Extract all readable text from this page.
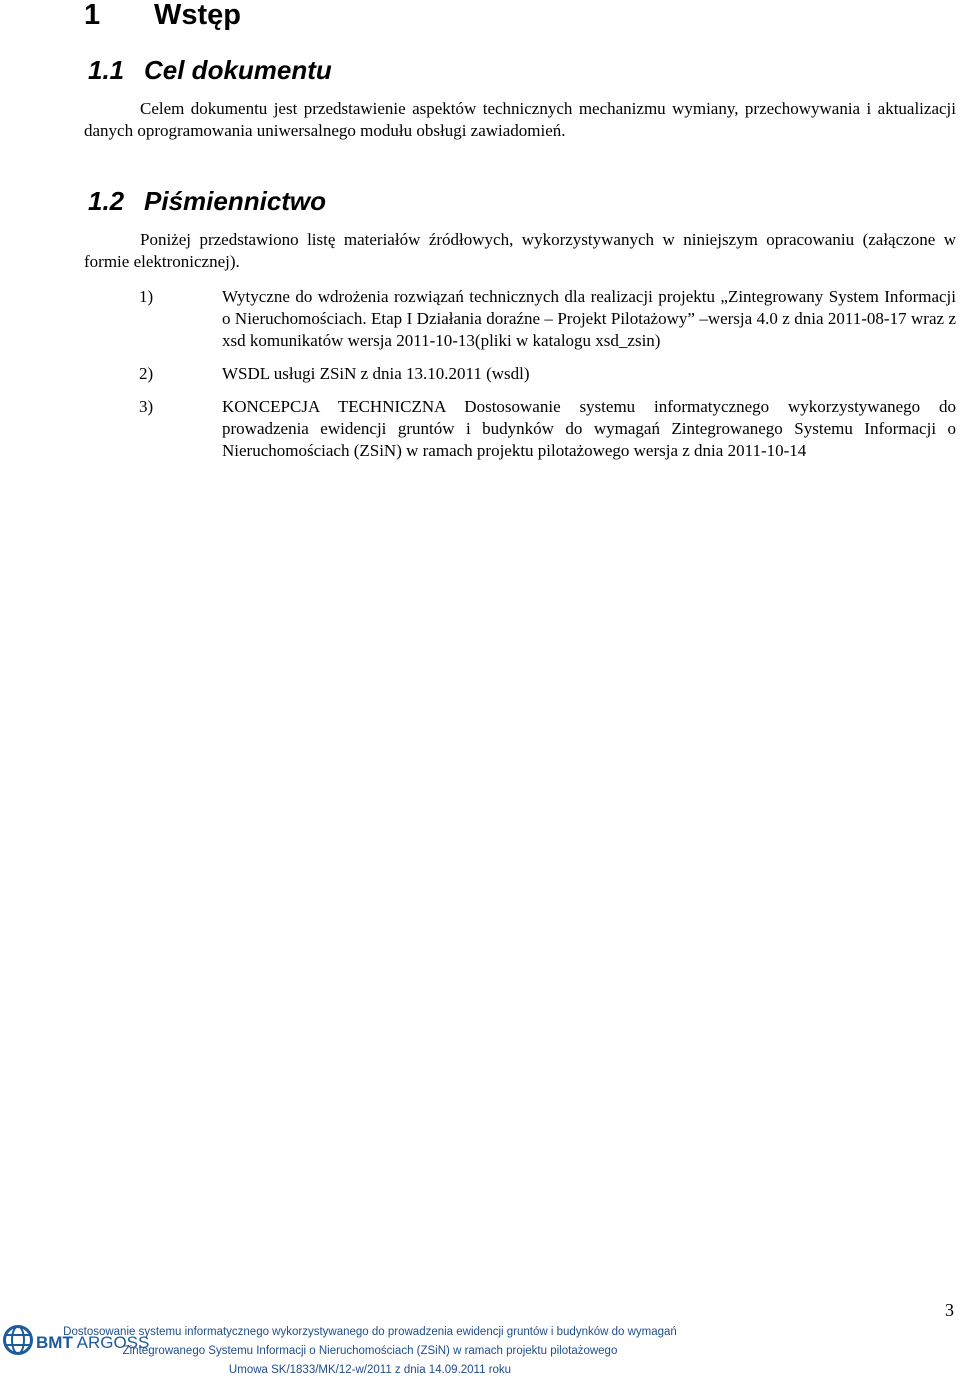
1 Wstęp
1.1 Cel dokumentu

Celem dokumentu jest przedstawienie aspektów technicznych mechanizmu wymiany, przechowywania i aktualizacji danych oprogramowania uniwersalnego modułu obsługi zawiadomień.

1.2 Piśmiennictwo

Poniżej przedstawiono listę materiałów źródłowych, wykorzystywanych w niniejszym opracowaniu (załączone w formie elektronicznej).

1)	Wytyczne do wdrożenia rozwiązań technicznych dla realizacji projektu „Zintegrowany System Informacji o Nieruchomościach. Etap I Działania doraźne – Projekt Pilotażowy” –wersja 4.0 z dnia 2011-08-17 wraz z xsd komunikatów wersja 2011-10-13(pliki w katalogu xsd_zsin)
2)	WSDL usługi ZSiN z dnia 13.10.2011 (wsdl)
3)	KONCEPCJA TECHNICZNA Dostosowanie systemu informatycznego wykorzystywanego do prowadzenia ewidencji gruntów i budynków do wymagań Zintegrowanego Systemu Informacji o Nieruchomościach (ZSiN) w ramach projektu pilotażowego wersja z dnia 2011-10-14
3
BMT ARGOSS
Dostosowanie systemu informatycznego wykorzystywanego do prowadzenia ewidencji gruntów i budynków do wymagań
Zintegrowanego Systemu Informacji o Nieruchomościach (ZSiN) w ramach projektu pilotażowego
Umowa SK/1833/MK/12-w/2011 z dnia 14.09.2011 roku
